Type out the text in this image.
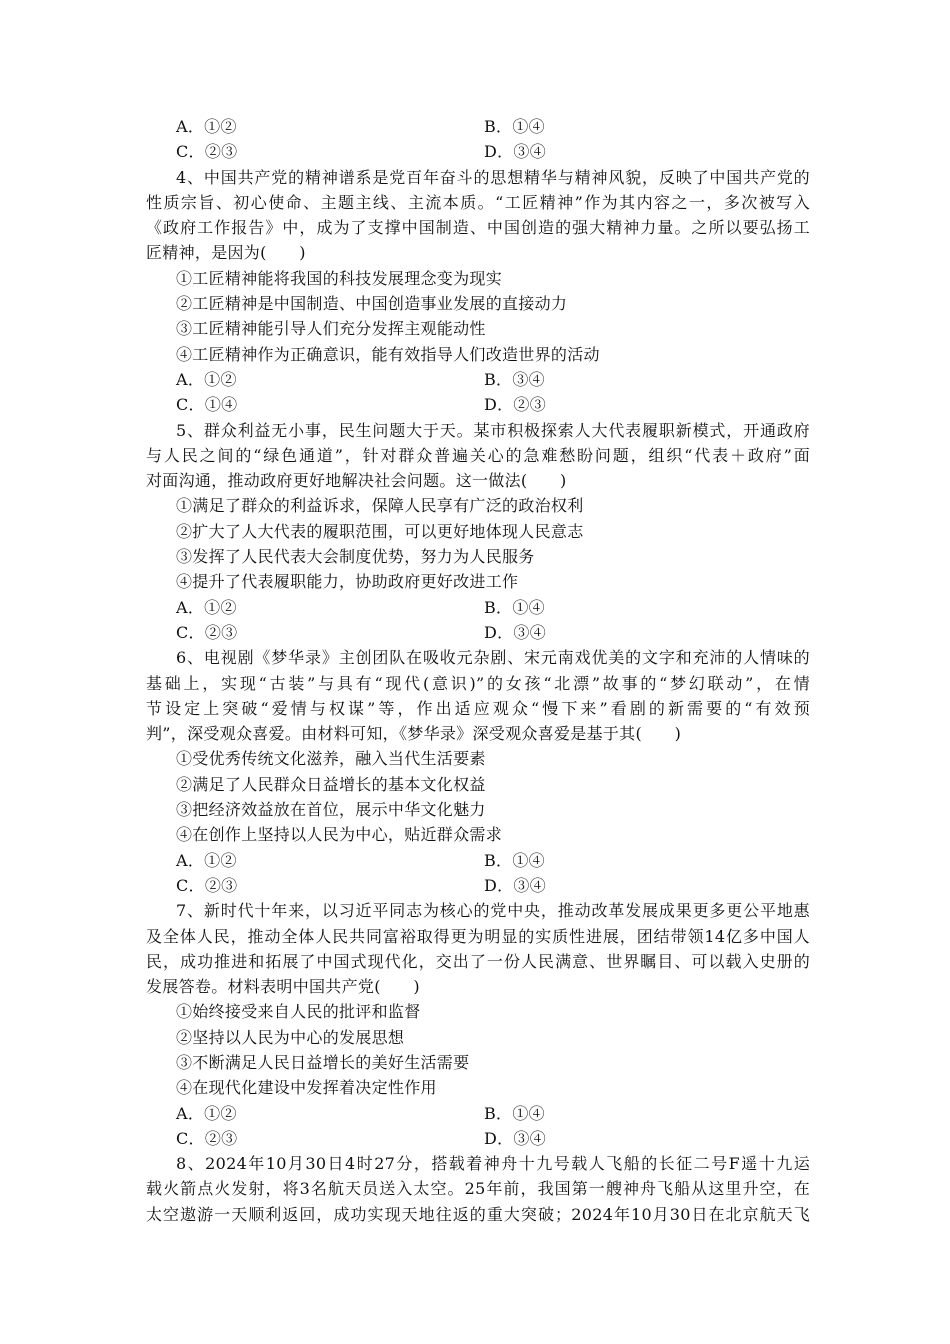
A．①②	B．①④
C．②③	D．③④
4、中国共产党的精神谱系是党百年奋斗的思想精华与精神风貌，反映了中国共产党的
性质宗旨、初心使命、主题主线、主流本质。“工匠精神”作为其内容之一，多次被写入
《政府工作报告》中，成为了支撑中国制造、中国创造的强大精神力量。之所以要弘扬工
匠精神，是因为(　　)
①工匠精神能将我国的科技发展理念变为现实
②工匠精神是中国制造、中国创造事业发展的直接动力
③工匠精神能引导人们充分发挥主观能动性
④工匠精神作为正确意识，能有效指导人们改造世界的活动
A．①②	B．③④
C．①④	D．②③
5、群众利益无小事，民生问题大于天。某市积极探索人大代表履职新模式，开通政府
与人民之间的“绿色通道”，针对群众普遍关心的急难愁盼问题，组织“代表＋政府”面
对面沟通，推动政府更好地解决社会问题。这一做法(　　)
①满足了群众的利益诉求，保障人民享有广泛的政治权利
②扩大了人大代表的履职范围，可以更好地体现人民意志
③发挥了人民代表大会制度优势，努力为人民服务
④提升了代表履职能力，协助政府更好改进工作
A．①②	B．①④
C．②③	D．③④
6、电视剧《梦华录》主创团队在吸收元杂剧、宋元南戏优美的文字和充沛的人情味的
基础上，实现“古装”与具有“现代(意识)”的女孩“北漂”故事的“梦幻联动”，在情
节设定上突破“爱情与权谋”等，作出适应观众“慢下来”看剧的新需要的“有效预
判”，深受观众喜爱。由材料可知，《梦华录》深受观众喜爱是基于其(　　)
①受优秀传统文化滋养，融入当代生活要素
②满足了人民群众日益增长的基本文化权益
③把经济效益放在首位，展示中华文化魅力
④在创作上坚持以人民为中心，贴近群众需求
A．①②	B．①④
C．②③	D．③④
7、新时代十年来，以习近平同志为核心的党中央，推动改革发展成果更多更公平地惠
及全体人民，推动全体人民共同富裕取得更为明显的实质性进展，团结带领14亿多中国人
民，成功推进和拓展了中国式现代化，交出了一份人民满意、世界瞩目、可以载入史册的
发展答卷。材料表明中国共产党(　　)
①始终接受来自人民的批评和监督
②坚持以人民为中心的发展思想
③不断满足人民日益增长的美好生活需要
④在现代化建设中发挥着决定性作用
A．①②	B．①④
C．②③	D．③④
8、2024年10月30日4时27分，搭载着神舟十九号载人飞船的长征二号F遥十九运
载火箭点火发射，将3名航天员送入太空。25年前，我国第一艘神舟飞船从这里升空，在
太空遨游一天顺利返回，成功实现天地往返的重大突破；2024年10月30日在北京航天飞
